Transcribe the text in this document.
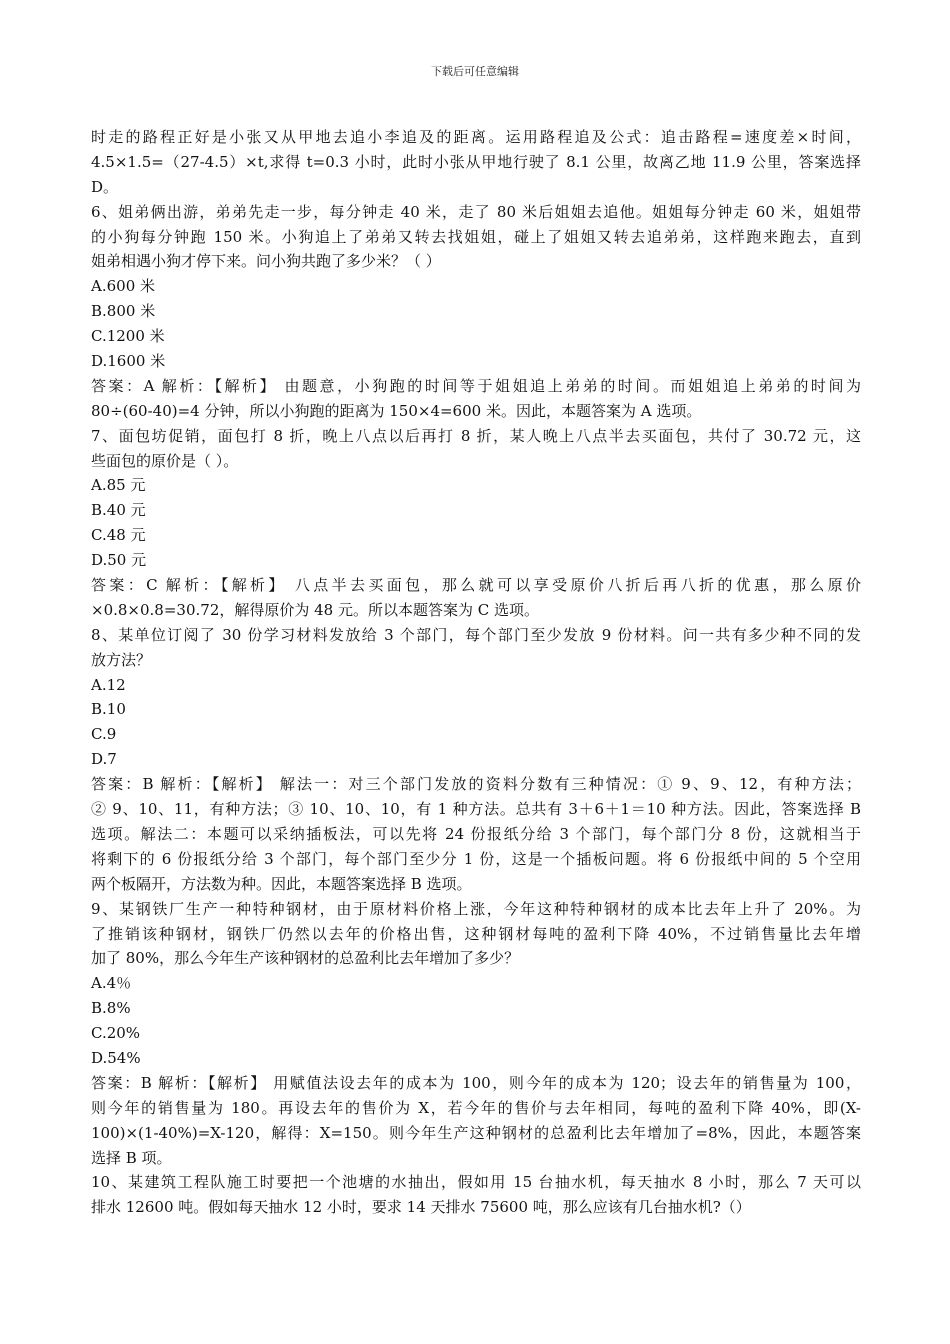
下载后可任意编辑
时走的路程正好是小张又从甲地去追小李追及的距离。运用路程追及公式：追击路程=速度差×时间，
4.5×1.5=（27-4.5）×t,求得 t=0.3 小时，此时小张从甲地行驶了 8.1 公里，故离乙地 11.9 公里，答案选择
D。
6、姐弟俩出游，弟弟先走一步，每分钟走 40 米，走了 80 米后姐姐去追他。姐姐每分钟走 60 米，姐姐带
的小狗每分钟跑 150 米。小狗追上了弟弟又转去找姐姐，碰上了姐姐又转去追弟弟，这样跑来跑去，直到
姐弟相遇小狗才停下来。问小狗共跑了多少米？（ ）
A.600 米
B.800 米
C.1200 米
D.1600 米
答案：A 解析：【解析】 由题意，小狗跑的时间等于姐姐追上弟弟的时间。而姐姐追上弟弟的时间为
80÷(60-40)=4 分钟，所以小狗跑的距离为 150×4=600 米。因此，本题答案为 A 选项。
7、面包坊促销，面包打 8 折，晚上八点以后再打 8 折，某人晚上八点半去买面包，共付了 30.72 元，这
些面包的原价是（ ）。
A.85 元
B.40 元
C.48 元
D.50 元
答案：C 解析：【解析】 八点半去买面包，那么就可以享受原价八折后再八折的优惠，那么原价
×0.8×0.8=30.72，解得原价为 48 元。所以本题答案为 C 选项。
8、某单位订阅了 30 份学习材料发放给 3 个部门，每个部门至少发放 9 份材料。问一共有多少种不同的发
放方法？
A.12
B.10
C.9
D.7
答案：B 解析：【解析】 解法一：对三个部门发放的资料分数有三种情况：① 9、9、12，有种方法；
② 9、10、11，有种方法；③ 10、10、10，有 1 种方法。总共有 3＋6＋1＝10 种方法。因此，答案选择 B
选项。解法二：本题可以采纳插板法，可以先将 24 份报纸分给 3 个部门，每个部门分 8 份，这就相当于
将剩下的 6 份报纸分给 3 个部门，每个部门至少分 1 份，这是一个插板问题。将 6 份报纸中间的 5 个空用
两个板隔开，方法数为种。因此，本题答案选择 B 选项。
9、某钢铁厂生产一种特种钢材，由于原材料价格上涨，今年这种特种钢材的成本比去年上升了 20%。为
了推销该种钢材，钢铁厂仍然以去年的价格出售，这种钢材每吨的盈利下降 40%，不过销售量比去年增
加了 80%，那么今年生产该种钢材的总盈利比去年增加了多少？
A.4％
B.8%
C.20%
D.54%
答案：B 解析：【解析】 用赋值法设去年的成本为 100，则今年的成本为 120；设去年的销售量为 100，
则今年的销售量为 180。再设去年的售价为 X，若今年的售价与去年相同，每吨的盈利下降 40%，即(X-
100)×(1-40%)=X-120，解得：X=150。则今年生产这种钢材的总盈利比去年增加了=8%，因此，本题答案
选择 B 项。
10、某建筑工程队施工时要把一个池塘的水抽出，假如用 15 台抽水机，每天抽水 8 小时，那么 7 天可以
排水 12600 吨。假如每天抽水 12 小时，要求 14 天排水 75600 吨，那么应该有几台抽水机?（）
